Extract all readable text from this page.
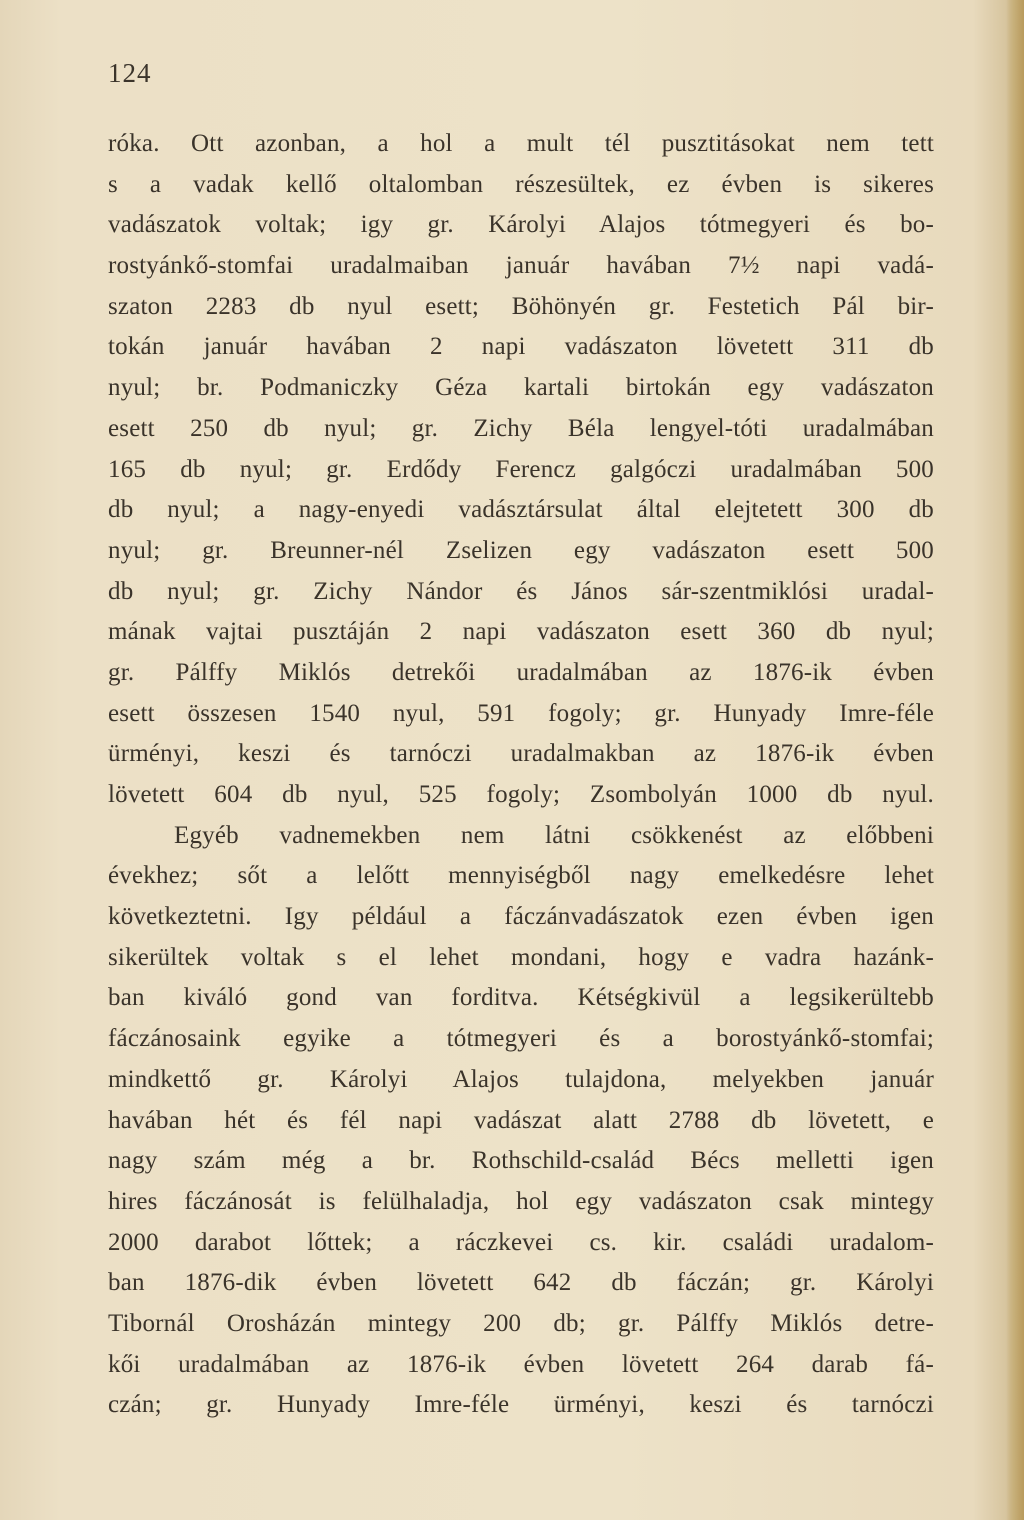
124
róka. Ott azonban, a hol a mult tél pusztitásokat nem tett
s a vadak kellő oltalomban részesültek, ez évben is sikeres
vadászatok voltak; igy gr. Károlyi Alajos tótmegyeri és bo-
rostyánkő-stomfai uradalmaiban január havában 7½ napi vadá-
szaton 2283 db nyul esett; Böhönyén gr. Festetich Pál bir-
tokán január havában 2 napi vadászaton lövetett 311 db
nyul; br. Podmaniczky Géza kartali birtokán egy vadászaton
esett 250 db nyul; gr. Zichy Béla lengyel-tóti uradalmában
165 db nyul; gr. Erdődy Ferencz galgóczi uradalmában 500
db nyul; a nagy-enyedi vadásztársulat által elejtetett 300 db
nyul; gr. Breunner-nél Zselizen egy vadászaton esett 500
db nyul; gr. Zichy Nándor és János sár-szentmiklósi uradal-
mának vajtai pusztáján 2 napi vadászaton esett 360 db nyul;
gr. Pálffy Miklós detrekői uradalmában az 1876-ik évben
esett összesen 1540 nyul, 591 fogoly; gr. Hunyady Imre-féle
ürményi, keszi és tarnóczi uradalmakban az 1876-ik évben
lövetett 604 db nyul, 525 fogoly; Zsombolyán 1000 db nyul.
Egyéb vadnemekben nem látni csökkenést az előbbeni
évekhez; sőt a lelőtt mennyiségből nagy emelkedésre lehet
következtetni. Igy például a fáczánvadászatok ezen évben igen
sikerültek voltak s el lehet mondani, hogy e vadra hazánk-
ban kiváló gond van forditva. Kétségkivül a legsikerültebb
fáczánosaink egyike a tótmegyeri és a borostyánkő-stomfai;
mindkettő gr. Károlyi Alajos tulajdona, melyekben január
havában hét és fél napi vadászat alatt 2788 db lövetett, e
nagy szám még a br. Rothschild-család Bécs melletti igen
hires fáczánosát is felülhaladja, hol egy vadászaton csak mintegy
2000 darabot lőttek; a ráczkevei cs. kir. családi uradalom-
ban 1876-dik évben lövetett 642 db fáczán; gr. Károlyi
Tibornál Orosházán mintegy 200 db; gr. Pálffy Miklós detre-
kői uradalmában az 1876-ik évben lövetett 264 darab fá-
czán; gr. Hunyady Imre-féle ürményi, keszi és tarnóczi
